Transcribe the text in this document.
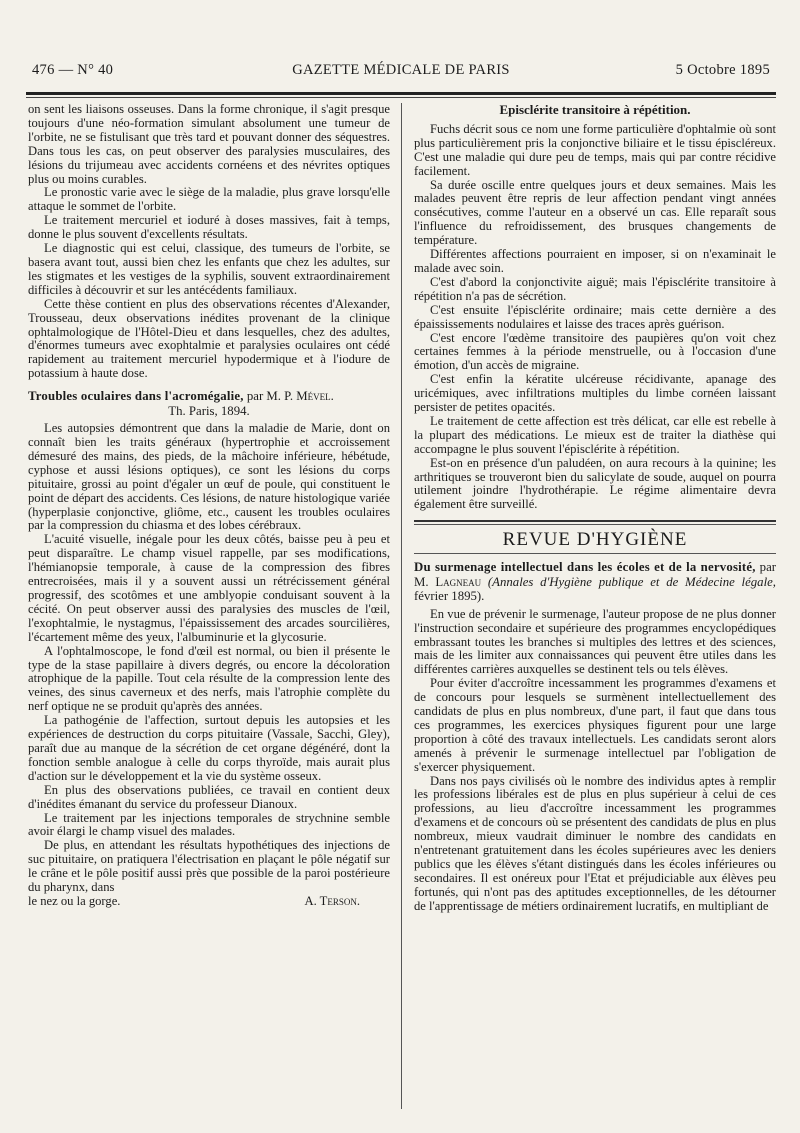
476 — N° 40	GAZETTE MÉDICALE DE PARIS	5 Octobre 1895

on sent les liaisons osseuses. Dans la forme chronique, il s'agit presque toujours d'une néo-formation simulant absolument une tumeur de l'orbite, ne se fistulisant que très tard et pouvant donner des séquestres. Dans tous les cas, on peut observer des paralysies musculaires, des lésions du trijumeau avec accidents cornéens et des névrites optiques plus ou moins curables.

Le pronostic varie avec le siège de la maladie, plus grave lorsqu'elle attaque le sommet de l'orbite.

Le traitement mercuriel et ioduré à doses massives, fait à temps, donne le plus souvent d'excellents résultats.

Le diagnostic qui est celui, classique, des tumeurs de l'orbite, se basera avant tout, aussi bien chez les enfants que chez les adultes, sur les stigmates et les vestiges de la syphilis, souvent extraordinairement difficiles à découvrir et sur les antécédents familiaux.

Cette thèse contient en plus des observations récentes d'Alexander, Trousseau, deux observations inédites provenant de la clinique ophtalmologique de l'Hôtel-Dieu et dans lesquelles, chez des adultes, d'énormes tumeurs avec exophtalmie et paralysies oculaires ont cédé rapidement au traitement mercuriel hypodermique et à l'iodure de potassium à haute dose.

Troubles oculaires dans l'acromégalie, par M. P. Mével.
Th. Paris, 1894.

Les autopsies démontrent que dans la maladie de Marie, dont on connaît bien les traits généraux (hypertrophie et accroissement démesuré des mains, des pieds, de la mâchoire inférieure, hébétude, cyphose et aussi lésions optiques), ce sont les lésions du corps pituitaire, grossi au point d'égaler un œuf de poule, qui constituent le point de départ des accidents. Ces lésions, de nature histologique variée (hyperplasie conjonctive, gliôme, etc., causent les troubles oculaires par la compression du chiasma et des lobes cérébraux.

L'acuité visuelle, inégale pour les deux côtés, baisse peu à peu et peut disparaître. Le champ visuel rappelle, par ses modifications, l'hémianopsie temporale, à cause de la compression des fibres entrecroisées, mais il y a souvent aussi un rétrécissement général progressif, des scotômes et une amblyopie conduisant souvent à la cécité. On peut observer aussi des paralysies des muscles de l'œil, l'exophtalmie, le nystagmus, l'épaississement des arcades sourcilières, l'écartement même des yeux, l'albuminurie et la glycosurie.

A l'ophtalmoscope, le fond d'œil est normal, ou bien il présente le type de la stase papillaire à divers degrés, ou encore la décoloration atrophique de la papille. Tout cela résulte de la compression lente des veines, des sinus caverneux et des nerfs, mais l'atrophie complète du nerf optique ne se produit qu'après des années.

La pathogénie de l'affection, surtout depuis les autopsies et les expériences de destruction du corps pituitaire (Vassale, Sacchi, Gley), paraît due au manque de la sécrétion de cet organe dégénéré, dont la fonction semble analogue à celle du corps thyroïde, mais aurait plus d'action sur le développement et la vie du système osseux.

En plus des observations publiées, ce travail en contient deux d'inédites émanant du service du professeur Dianoux.

Le traitement par les injections temporales de strychnine semble avoir élargi le champ visuel des malades.

De plus, en attendant les résultats hypothétiques des injections de suc pituitaire, on pratiquera l'électrisation en plaçant le pôle négatif sur le crâne et le pôle positif aussi près que possible de la paroi postérieure du pharynx, dans

le nez ou la gorge.	A. Terson.
Episclérite transitoire à répétition.

Fuchs décrit sous ce nom une forme particulière d'ophtalmie où sont plus particulièrement pris la conjonctive biliaire et le tissu épiscléreux. C'est une maladie qui dure peu de temps, mais qui par contre récidive facilement.

Sa durée oscille entre quelques jours et deux semaines. Mais les malades peuvent être repris de leur affection pendant vingt années consécutives, comme l'auteur en a observé un cas. Elle reparaît sous l'influence du refroidissement, des brusques changements de température.

Différentes affections pourraient en imposer, si on n'examinait le malade avec soin.

C'est d'abord la conjonctivite aiguë; mais l'épisclérite transitoire à répétition n'a pas de sécrétion.

C'est ensuite l'épisclérite ordinaire; mais cette dernière a des épaississements nodulaires et laisse des traces après guérison.

C'est encore l'œdème transitoire des paupières qu'on voit chez certaines femmes à la période menstruelle, ou à l'occasion d'une émotion, d'un accès de migraine.

C'est enfin la kératite ulcéreuse récidivante, apanage des uricémiques, avec infiltrations multiples du limbe cornéen laissant persister de petites opacités.

Le traitement de cette affection est très délicat, car elle est rebelle à la plupart des médications. Le mieux est de traiter la diathèse qui accompagne le plus souvent l'épisclérite à répétition.

Est-on en présence d'un paludéen, on aura recours à la quinine; les arthritiques se trouveront bien du salicylate de soude, auquel on pourra utilement joindre l'hydrothérapie. Le régime alimentaire devra également être surveillé.

REVUE D'HYGIÈNE
Du surmenage intellectuel dans les écoles et de la nervosité, par M. Lagneau (Annales d'Hygiène publique et de Médecine légale, février 1895).

En vue de prévenir le surmenage, l'auteur propose de ne plus donner l'instruction secondaire et supérieure des programmes encyclopédiques embrassant toutes les branches si multiples des lettres et des sciences, mais de les limiter aux connaissances qui peuvent être utiles dans les différentes carrières auxquelles se destinent tels ou tels élèves.

Pour éviter d'accroître incessamment les programmes d'examens et de concours pour lesquels se surmènent intellectuellement des candidats de plus en plus nombreux, d'une part, il faut que dans tous ces programmes, les exercices physiques figurent pour une large proportion à côté des travaux intellectuels. Les candidats seront alors amenés à prévenir le surmenage intellectuel par l'obligation de s'exercer physiquement.

Dans nos pays civilisés où le nombre des individus aptes à remplir les professions libérales est de plus en plus supérieur à celui de ces professions, au lieu d'accroître incessamment les programmes d'examens et de concours où se présentent des candidats de plus en plus nombreux, mieux vaudrait diminuer le nombre des candidats en n'entretenant gratuitement dans les écoles supérieures avec les deniers publics que les élèves s'étant distingués dans les écoles inférieures ou secondaires. Il est onéreux pour l'Etat et préjudiciable aux élèves peu fortunés, qui n'ont pas des aptitudes exceptionnelles, de les détourner de l'apprentissage de métiers ordinairement lucratifs, en multipliant de
